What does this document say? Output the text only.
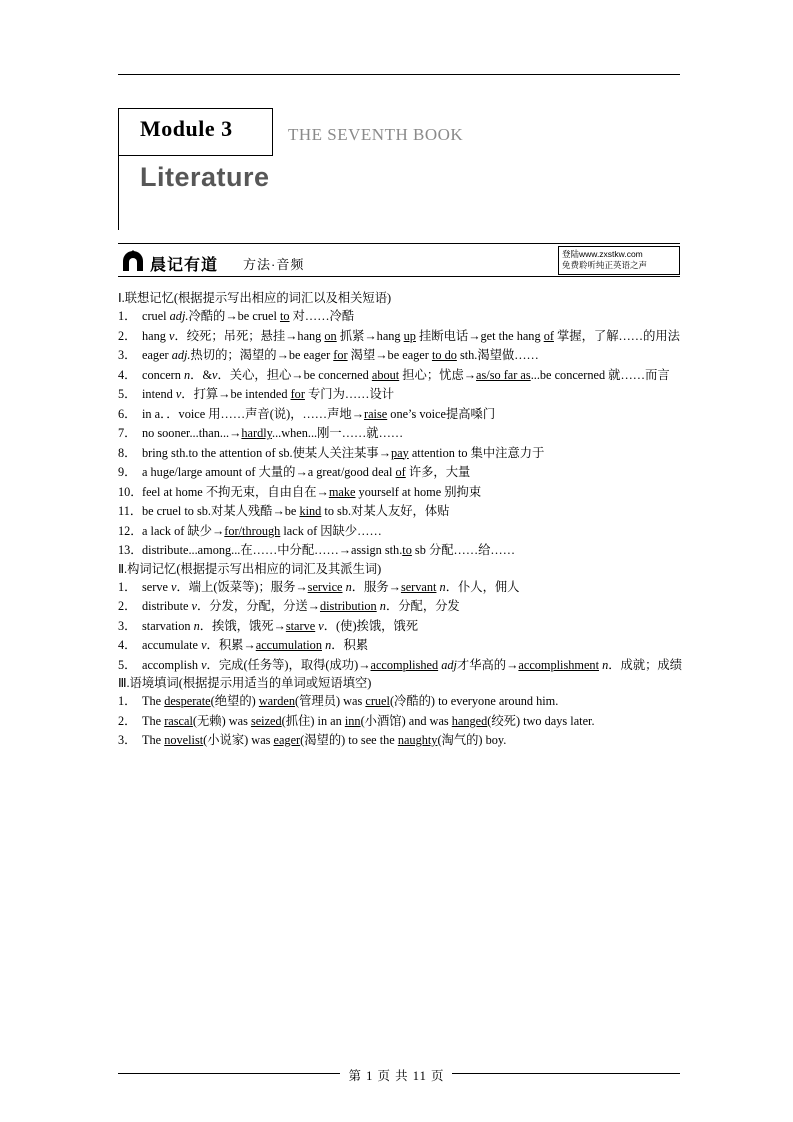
Module 3	THE SEVENTH BOOK
Literature
晨记有道 方法·音频
登陆www.zxstkw.com
免费聆听纯正英语之声
Ⅰ.联想记忆(根据提示写出相应的词汇以及相关短语)
1． cruel adj.冷酷的→be cruel to 对……冷酷
2． hang v．绞死；吊死；悬挂→hang on 抓紧→hang up 挂断电话→get the hang of 掌握，了解……的用法
3． eager adj.热切的；渴望的→be eager for 渴望→be eager to do sth.渴望做……
4． concern n．&v．关心，担心→be concerned about 担心；忧虑→as/so far as...be concerned 就……而言
5． intend v．打算→be intended for 专门为……设计
6． in a．．voice 用……声音(说)，……声地→raise one’s voice提高嗓门
7． no sooner...than...→hardly...when...刚一……就……
8． bring sth.to the attention of sb.使某人关注某事→pay attention to 集中注意力于
9． a huge/large amount of 大量的→a great/good deal of 许多，大量
10． feel at home 不拘无束，自由自在→make yourself at home 别拘束
11． be cruel to sb.对某人残酷→be kind to sb.对某人友好，体贴
12． a lack of 缺少→for/through lack of 因缺少……
13． distribute...among...在……中分配……→assign sth.to sb 分配……给……
Ⅱ.构词记忆(根据提示写出相应的词汇及其派生词)
1． serve v．端上(饭菜等)；服务→service n．服务→servant n．仆人，佣人
2． distribute v．分发，分配，分送→distribution n．分配，分发
3． starvation n．挨饿，饿死→starve v．(使)挨饿，饿死
4． accumulate v．积累→accumulation n．积累
5． accomplish v．完成(任务等)，取得(成功)→accomplished adj才华高的→accomplishment n．成就；成绩
Ⅲ.语境填词(根据提示用适当的单词或短语填空)
1． The desperate(绝望的) warden(管理员) was cruel(冷酷的) to everyone around him.
2． The rascal(无赖) was seized(抓住) in an inn(小酒馆) and was hanged(绞死) two days later.
3． The novelist(小说家) was eager(渴望的) to see the naughty(淘气的) boy.
第 1 页 共 11 页
